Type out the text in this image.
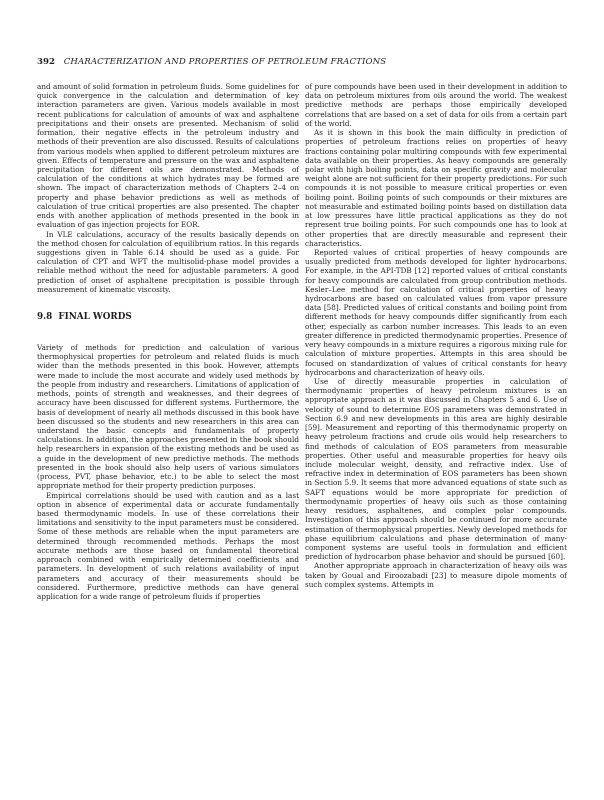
392 CHARACTERIZATION AND PROPERTIES OF PETROLEUM FRACTIONS

and amount of solid formation in petroleum fluids. Some guidelines for quick convergence in the calculation and determination of key interaction parameters are given. Various models available in most recent publications for calculation of amounts of wax and asphaltene precipitations and their onsets are presented. Mechanism of solid formation, their negative effects in the petroleum industry and methods of their prevention are also discussed. Results of calculations from various models when applied to different petroleum mixtures are given. Effects of temperature and pressure on the wax and asphaltene precipitation for different oils are demonstrated. Methods of calculation of the conditions at which hydrates may be formed are shown. The impact of characterization methods of Chapters 2–4 on property and phase behavior predictions as well as methods of calculation of true critical properties are also presented. The chapter ends with another application of methods presented in the book in evaluation of gas injection projects for EOR.

In VLE calculations, accuracy of the results basically depends on the method chosen for calculation of equilibrium ratios. In this regards suggestions given in Table 6.14 should be used as a guide. For calculation of CPT and WFT the multisolid-phase model provides a reliable method without the need for adjustable parameters. A good prediction of onset of asphaltene precipitation is possible through measurement of kinematic viscosity.

9.8 FINAL WORDS

Variety of methods for prediction and calculation of various thermophysical properties for petroleum and related fluids is much wider than the methods presented in this book. However, attempts were made to include the most accurate and widely used methods by the people from industry and researchers. Limitations of application of methods, points of strength and weaknesses, and their degrees of accuracy have been discussed for different systems. Furthermore, the basis of development of nearly all methods discussed in this book have been discussed so the students and new researchers in this area can understand the basic concepts and fundamentals of property calculations. In addition, the approaches presented in the book should help researchers in expansion of the existing methods and be used as a guide in the development of new predictive methods. The methods presented in the book should also help users of various simulators (process, PVT, phase behavior, etc.) to be able to select the most appropriate method for their property prediction purposes.

Empirical correlations should be used with caution and as a last option in absence of experimental data or accurate fundamentally based thermodynamic models. In use of these correlations their limitations and sensitivity to the input parameters must be considered. Some of these methods are reliable when the input parameters are determined through recommended methods. Perhaps the most accurate methods are those based on fundamental theoretical approach combined with empirically determined coefficients and parameters. In development of such relations availability of input parameters and accuracy of their measurements should be considered. Furthermore, predictive methods can have general application for a wide range of petroleum fluids if properties

of pure compounds have been used in their development in addition to data on petroleum mixtures from oils around the world. The weakest predictive methods are perhaps those empirically developed correlations that are based on a set of data for oils from a certain part of the world.

As it is shown in this book the main difficulty in prediction of properties of petroleum fractions relies on properties of heavy fractions containing polar multiring compounds with few experimental data available on their properties. As heavy compounds are generally polar with high boiling points, data on specific gravity and molecular weight alone are not sufficient for their property predictions. For such compounds it is not possible to measure critical properties or even boiling point. Boiling points of such compounds or their mixtures are not measurable and estimated boiling points based on distillation data at low pressures have little practical applications as they do not represent true boiling points. For such compounds one has to look at other properties that are directly measurable and represent their characteristics.

Reported values of critical properties of heavy compounds are usually predicted from methods developed for lighter hydrocarbons. For example, in the API-TDB [12] reported values of critical constants for heavy compounds are calculated from group contribution methods. Kesler–Lee method for calculation of critical properties of heavy hydrocarbons are based on calculated values from vapor pressure data [58]. Predicted values of critical constants and boiling point from different methods for heavy compounds differ significantly from each other, especially as carbon number increases. This leads to an even greater difference in predicted thermodynamic properties. Presence of very heavy compounds in a mixture requires a rigorous mixing rule for calculation of mixture properties. Attempts in this area should be focused on standardization of values of critical constants for heavy hydrocarbons and characterization of heavy oils.

Use of directly measurable properties in calculation of thermodynamic properties of heavy petroleum mixtures is an appropriate approach as it was discussed in Chapters 5 and 6. Use of velocity of sound to determine EOS parameters was demonstrated in Section 6.9 and new developments in this area are highly desirable [59]. Measurement and reporting of this thermodynamic property on heavy petroleum fractions and crude oils would help researchers to find methods of calculation of EOS parameters from measurable properties. Other useful and measurable properties for heavy oils include molecular weight, density, and refractive index. Use of refractive index in determination of EOS parameters has been shown in Section 5.9. It seems that more advanced equations of state such as SAFT equations would be more appropriate for prediction of thermodynamic properties of heavy oils such as those containing heavy residues, asphaltenes, and complex polar compounds. Investigation of this approach should be continued for more accurate estimation of thermophysical properties. Newly developed methods for phase equilibrium calculations and phase determination of many-component systems are useful tools in formulation and efficient prediction of hydrocarbon phase behavior and should be pursued [60].

Another appropriate approach in characterization of heavy oils was taken by Goual and Firoozabadi [23] to measure dipole moments of such complex systems. Attempts in
